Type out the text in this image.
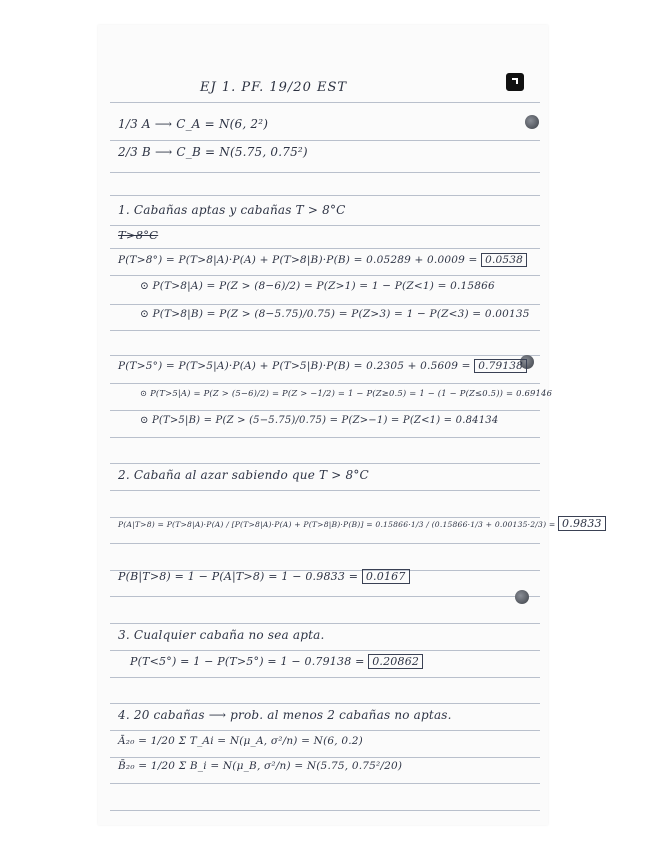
EJ 1. PF. 19/20 EST
1/3 A ⟶ C_A = N(6, 2²)
2/3 B ⟶ C_B = N(5.75, 0.75²)
1. Cabañas aptas y cabañas T > 8°C
T>8°C
P(T>8°) = P(T>8|A)·P(A) + P(T>8|B)·P(B) = 0.05289 + 0.0009 = 0.0538
⊙ P(T>8|A) = P(Z > (8−6)/2) = P(Z>1) = 1 − P(Z<1) = 0.15866
⊙ P(T>8|B) = P(Z > (8−5.75)/0.75) = P(Z>3) = 1 − P(Z<3) = 0.00135
P(T>5°) = P(T>5|A)·P(A) + P(T>5|B)·P(B) = 0.2305 + 0.5609 = 0.79138
⊙ P(T>5|A) = P(Z > (5−6)/2) = P(Z > −1/2) = 1 − P(Z≥0.5) = 1 − (1 − P(Z≤0.5)) = 0.69146
⊙ P(T>5|B) = P(Z > (5−5.75)/0.75) = P(Z>−1) = P(Z<1) = 0.84134
2. Cabaña al azar sabiendo que T > 8°C
P(A|T>8) = P(T>8|A)·P(A) / [P(T>8|A)·P(A) + P(T>8|B)·P(B)] = 0.15866·1/3 / (0.15866·1/3 + 0.00135·2/3) = 0.9833
P(B|T>8) = 1 − P(A|T>8) = 1 − 0.9833 = 0.0167
3. Cualquier cabaña no sea apta.
P(T<5°) = 1 − P(T>5°) = 1 − 0.79138 = 0.20862
4. 20 cabañas ⟶ prob. al menos 2 cabañas no aptas.
Ā₂₀ = 1/20 Σ T_Ai = N(μ_A, σ²/n) = N(6, 0.2)
B̄₂₀ = 1/20 Σ B_i = N(μ_B, σ²/n) = N(5.75, 0.75²/20)
